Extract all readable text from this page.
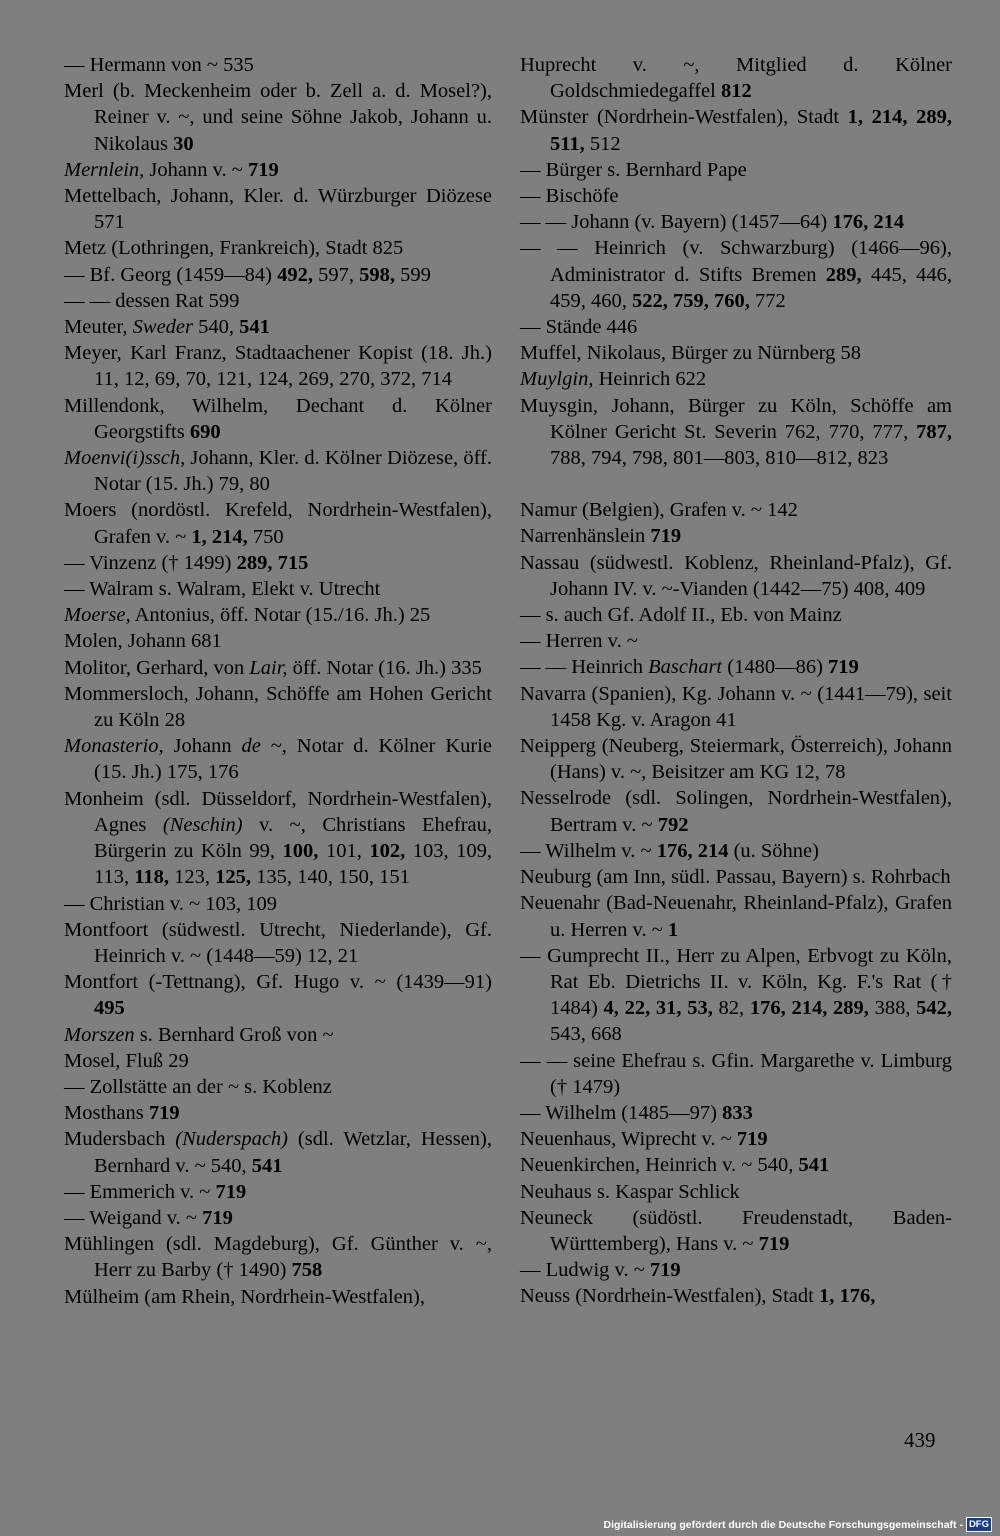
— Hermann von ~ 535
Merl (b. Meckenheim oder b. Zell a. d. Mosel?), Reiner v. ~, und seine Söhne Jakob, Johann u. Nikolaus 30
Mernlein, Johann v. ~ 719
Mettelbach, Johann, Kler. d. Würzburger Diözese 571
Metz (Lothringen, Frankreich), Stadt 825
— Bf. Georg (1459—84) 492, 597, 598, 599
— — dessen Rat 599
Meuter, Sweder 540, 541
Meyer, Karl Franz, Stadtaachener Kopist (18. Jh.) 11, 12, 69, 70, 121, 124, 269, 270, 372, 714
Millendonk, Wilhelm, Dechant d. Kölner Georgstifts 690
Moenvi(i)ssch, Johann, Kler. d. Kölner Diözese, öff. Notar (15. Jh.) 79, 80
Moers (nordöstl. Krefeld, Nordrhein-Westfalen), Grafen v. ~ 1, 214, 750
— Vinzenz († 1499) 289, 715
— Walram s. Walram, Elekt v. Utrecht
Moerse, Antonius, öff. Notar (15./16. Jh.) 25
Molen, Johann 681
Molitor, Gerhard, von Lair, öff. Notar (16. Jh.) 335
Mommersloch, Johann, Schöffe am Hohen Gericht zu Köln 28
Monasterio, Johann de ~, Notar d. Kölner Kurie (15. Jh.) 175, 176
Monheim (sdl. Düsseldorf, Nordrhein-Westfalen), Agnes (Neschin) v. ~, Christians Ehefrau, Bürgerin zu Köln 99, 100, 101, 102, 103, 109, 113, 118, 123, 125, 135, 140, 150, 151
— Christian v. ~ 103, 109
Montfoort (südwestl. Utrecht, Niederlande), Gf. Heinrich v. ~ (1448—59) 12, 21
Montfort (-Tettnang), Gf. Hugo v. ~ (1439—91) 495
Morszen s. Bernhard Groß von ~
Mosel, Fluß 29
— Zollstätte an der ~ s. Koblenz
Mosthans 719
Mudersbach (Nuderspach) (sdl. Wetzlar, Hessen), Bernhard v. ~ 540, 541
— Emmerich v. ~ 719
— Weigand v. ~ 719
Mühlingen (sdl. Magdeburg), Gf. Günther v. ~, Herr zu Barby († 1490) 758
Mülheim (am Rhein, Nordrhein-Westfalen),
Huprecht v. ~, Mitglied d. Kölner Goldschmiedegaffel 812
Münster (Nordrhein-Westfalen), Stadt 1, 214, 289, 511, 512
— Bürger s. Bernhard Pape
— Bischöfe
— — Johann (v. Bayern) (1457—64) 176, 214
— — Heinrich (v. Schwarzburg) (1466—96), Administrator d. Stifts Bremen 289, 445, 446, 459, 460, 522, 759, 760, 772
— Stände 446
Muffel, Nikolaus, Bürger zu Nürnberg 58
Muylgin, Heinrich 622
Muysgin, Johann, Bürger zu Köln, Schöffe am Kölner Gericht St. Severin 762, 770, 777, 787, 788, 794, 798, 801—803, 810—812, 823
Namur (Belgien), Grafen v. ~ 142
Narrenhänslein 719
Nassau (südwestl. Koblenz, Rheinland-Pfalz), Gf. Johann IV. v. ~-Vianden (1442—75) 408, 409
— s. auch Gf. Adolf II., Eb. von Mainz
— Herren v. ~
— — Heinrich Baschart (1480—86) 719
Navarra (Spanien), Kg. Johann v. ~ (1441—79), seit 1458 Kg. v. Aragon 41
Neipperg (Neuberg, Steiermark, Österreich), Johann (Hans) v. ~, Beisitzer am KG 12, 78
Nesselrode (sdl. Solingen, Nordrhein-Westfalen), Bertram v. ~ 792
— Wilhelm v. ~ 176, 214 (u. Söhne)
Neuburg (am Inn, südl. Passau, Bayern) s. Rohrbach
Neuenahr (Bad-Neuenahr, Rheinland-Pfalz), Grafen u. Herren v. ~ 1
— Gumprecht II., Herr zu Alpen, Erbvogt zu Köln, Rat Eb. Dietrichs II. v. Köln, Kg. F.'s Rat († 1484) 4, 22, 31, 53, 82, 176, 214, 289, 388, 542, 543, 668
— — seine Ehefrau s. Gfin. Margarethe v. Limburg († 1479)
— Wilhelm (1485—97) 833
Neuenhaus, Wiprecht v. ~ 719
Neuenkirchen, Heinrich v. ~ 540, 541
Neuhaus s. Kaspar Schlick
Neuneck (südöstl. Freudenstadt, Baden-Württemberg), Hans v. ~ 719
— Ludwig v. ~ 719
Neuss (Nordrhein-Westfalen), Stadt 1, 176,
439
Digitalisierung gefördert durch die Deutsche Forschungsgemeinschaft - DFG
